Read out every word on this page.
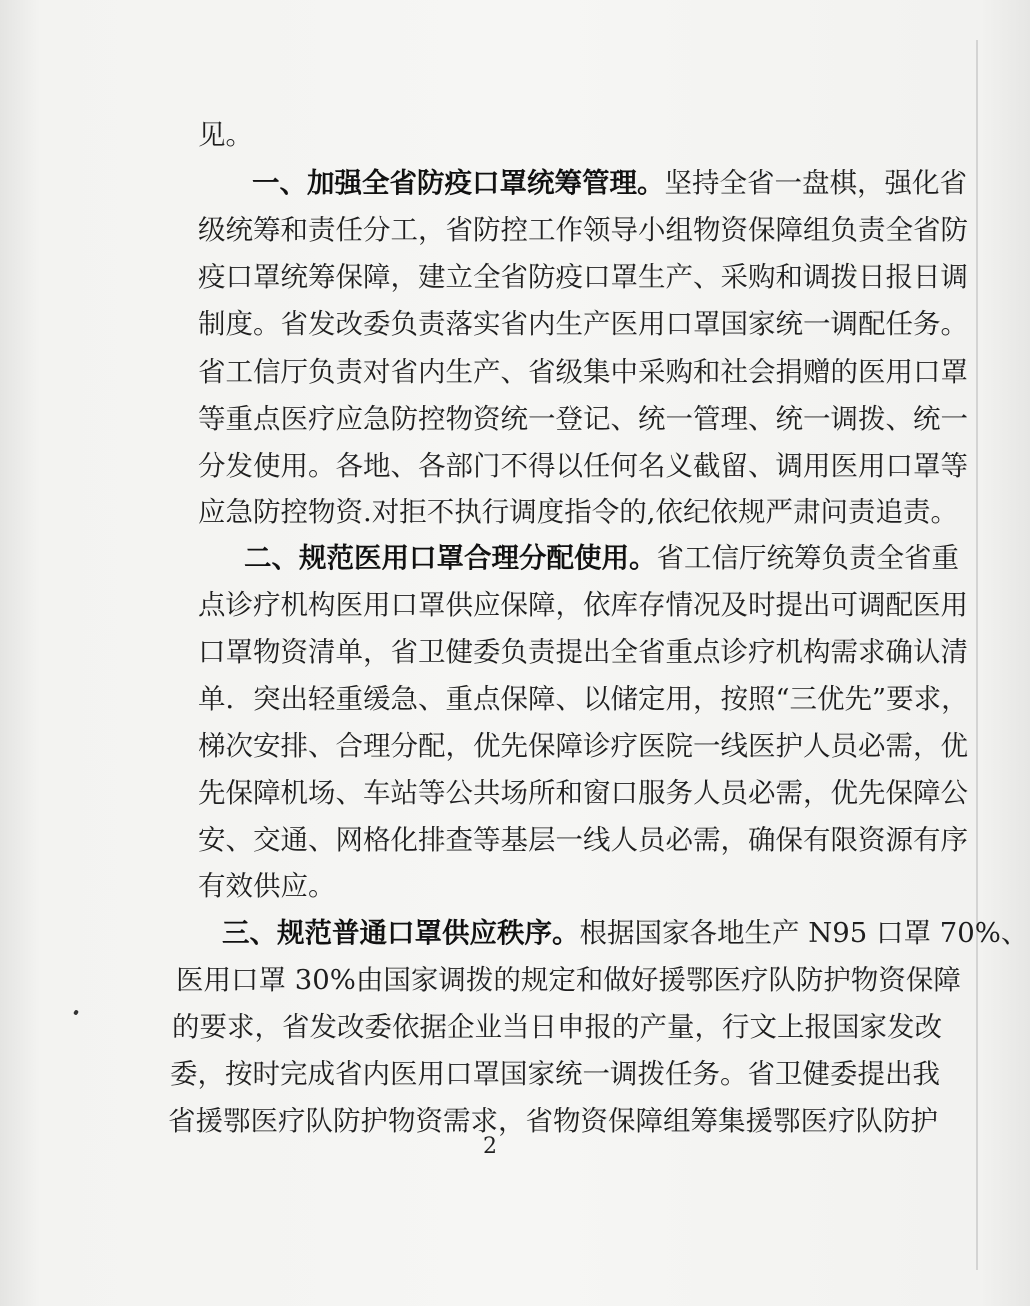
见。
一、加强全省防疫口罩统筹管理。坚持全省一盘棋，强化省
级统筹和责任分工，省防控工作领导小组物资保障组负责全省防
疫口罩统筹保障，建立全省防疫口罩生产、采购和调拨日报日调
制度。省发改委负责落实省内生产医用口罩国家统一调配任务。
省工信厅负责对省内生产、省级集中采购和社会捐赠的医用口罩
等重点医疗应急防控物资统一登记、统一管理、统一调拨、统一
分发使用。各地、各部门不得以任何名义截留、调用医用口罩等
应急防控物资.对拒不执行调度指令的,依纪依规严肃问责追责。
二、规范医用口罩合理分配使用。省工信厅统筹负责全省重
点诊疗机构医用口罩供应保障，依库存情况及时提出可调配医用
口罩物资清单，省卫健委负责提出全省重点诊疗机构需求确认清
单．突出轻重缓急、重点保障、以储定用，按照“三优先”要求，
梯次安排、合理分配，优先保障诊疗医院一线医护人员必需，优
先保障机场、车站等公共场所和窗口服务人员必需，优先保障公
安、交通、网格化排查等基层一线人员必需，确保有限资源有序
有效供应。
三、规范普通口罩供应秩序。根据国家各地生产 N95 口罩 70%、
医用口罩 30%由国家调拨的规定和做好援鄂医疗队防护物资保障
的要求，省发改委依据企业当日申报的产量，行文上报国家发改
委，按时完成省内医用口罩国家统一调拨任务。省卫健委提出我
省援鄂医疗队防护物资需求，省物资保障组筹集援鄂医疗队防护
2
